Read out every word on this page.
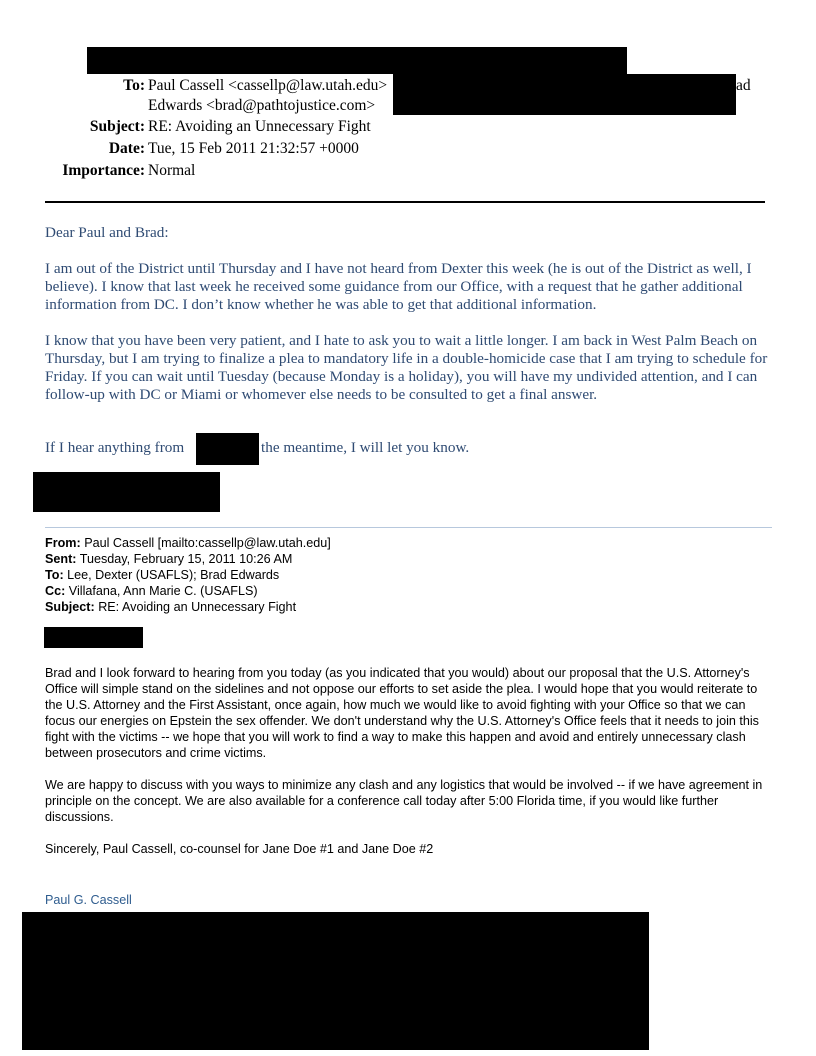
To: Paul Cassell <cassellp@law.utah.edu>	ad
Edwards <brad@pathtojustice.com>
Subject: RE: Avoiding an Unnecessary Fight
Date: Tue, 15 Feb 2011 21:32:57 +0000
Importance: Normal

Dear Paul and Brad:

I am out of the District until Thursday and I have not heard from Dexter this week (he is out of the District as well, I believe). I know that last week he received some guidance from our Office, with a request that he gather additional information from DC. I don’t know whether he was able to get that additional information.

I know that you have been very patient, and I hate to ask you to wait a little longer. I am back in West Palm Beach on Thursday, but I am trying to finalize a plea to mandatory life in a double-homicide case that I am trying to schedule for Friday. If you can wait until Tuesday (because Monday is a holiday), you will have my undivided attention, and I can follow-up with DC or Miami or whomever else needs to be consulted to get a final answer.

If I hear anything from	the meantime, I will let you know.
From: Paul Cassell [mailto:cassellp@law.utah.edu]
Sent: Tuesday, February 15, 2011 10:26 AM
To: Lee, Dexter (USAFLS); Brad Edwards
Cc: Villafana, Ann Marie C. (USAFLS)
Subject: RE: Avoiding an Unnecessary Fight
Brad and I look forward to hearing from you today (as you indicated that you would) about our proposal that the U.S. Attorney's Office will simple stand on the sidelines and not oppose our efforts to set aside the plea. I would hope that you would reiterate to the U.S. Attorney and the First Assistant, once again, how much we would like to avoid fighting with your Office so that we can focus our energies on Epstein the sex offender. We don't understand why the U.S. Attorney's Office feels that it needs to join this fight with the victims -- we hope that you will work to find a way to make this happen and avoid and entirely unnecessary clash between prosecutors and crime victims.
We are happy to discuss with you ways to minimize any clash and any logistics that would be involved -- if we have agreement in principle on the concept. We are also available for a conference call today after 5:00 Florida time, if you would like further discussions.
Sincerely, Paul Cassell, co-counsel for Jane Doe #1 and Jane Doe #2
Paul G. Cassell
